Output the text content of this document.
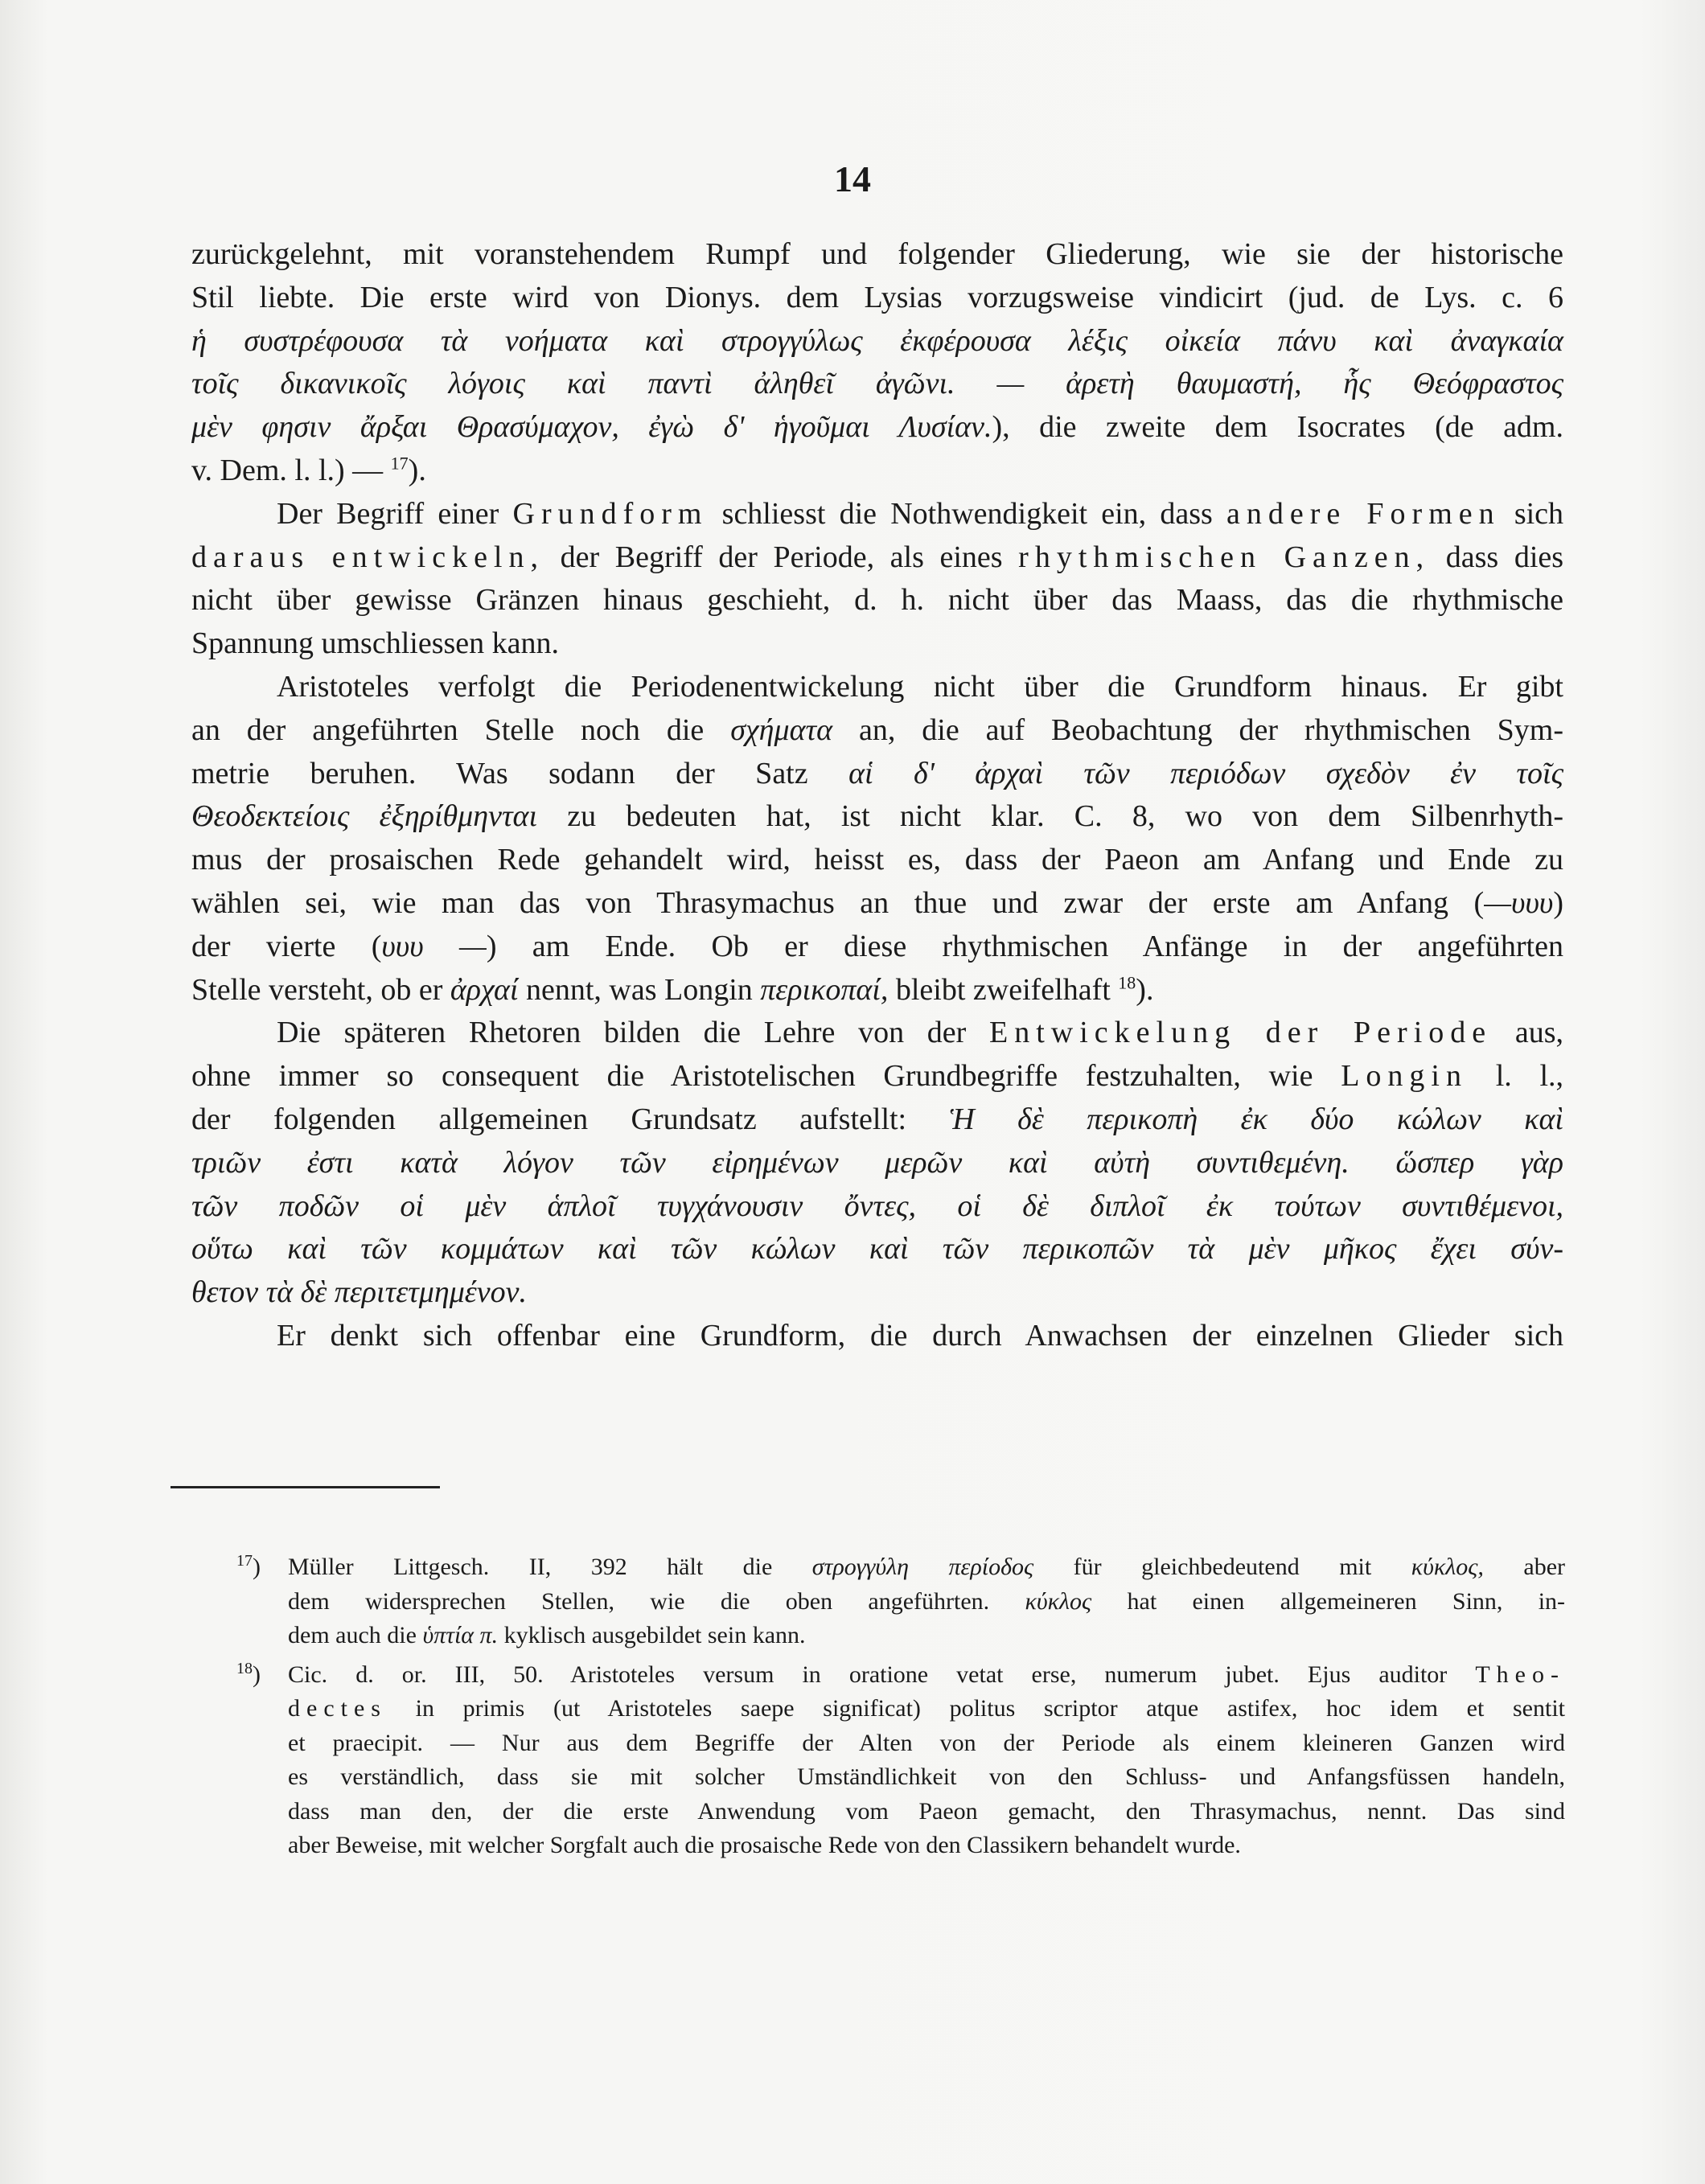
14
zurückgelehnt, mit voranstehendem Rumpf und folgender Gliederung, wie sie der historische
Stil liebte. Die erste wird von Dionys. dem Lysias vorzugsweise vindicirt (jud. de Lys. c. 6
ἡ συστρέφουσα τὰ νοήματα καὶ στρογγύλως ἐκφέρουσα λέξις οἰκεία πάνυ καὶ ἀναγκαία
τοῖς δικανικοῖς λόγοις καὶ παντὶ ἀληθεῖ ἀγῶνι. — ἀρετὴ θαυμαστή, ἧς Θεόφραστος
μὲν φησιν ἄρξαι Θρασύμαχον, ἐγὼ δ' ἡγοῦμαι Λυσίαν.), die zweite dem Isocrates (de adm.
v. Dem. l. l.) — $^{17}$).
Der Begriff einer Grundform schliesst die Nothwendigkeit ein, dass andere Formen sich
daraus entwickeln, der Begriff der Periode, als eines rhythmischen Ganzen, dass dies
nicht über gewisse Gränzen hinaus geschieht, d. h. nicht über das Maass, das die rhythmische
Spannung umschliessen kann.
Aristoteles verfolgt die Periodenentwickelung nicht über die Grundform hinaus. Er gibt
an der angeführten Stelle noch die σχήματα an, die auf Beobachtung der rhythmischen Sym-
metrie beruhen. Was sodann der Satz αἱ δ' ἀρχαὶ τῶν περιόδων σχεδὸν ἐν τοῖς
Θεοδεκτείοις ἐξηρίθμηνται zu bedeuten hat, ist nicht klar. C. 8, wo von dem Silbenrhyth-
mus der prosaischen Rede gehandelt wird, heisst es, dass der Paeon am Anfang und Ende zu
wählen sei, wie man das von Thrasymachus an thue und zwar der erste am Anfang (—υυυ)
der vierte (υυυ —) am Ende. Ob er diese rhythmischen Anfänge in der angeführten
Stelle versteht, ob er ἀρχαί nennt, was Longin περικοπαί, bleibt zweifelhaft $^{18}$).
Die späteren Rhetoren bilden die Lehre von der Entwickelung der Periode aus,
ohne immer so consequent die Aristotelischen Grundbegriffe festzuhalten, wie Longin l. l.,
der folgenden allgemeinen Grundsatz aufstellt: Ἡ δὲ περικοπὴ ἐκ δύο κώλων καὶ
τριῶν ἐστι κατὰ λόγον τῶν εἰρημένων μερῶν καὶ αὐτὴ συντιθεμένη. ὥσπερ γὰρ
τῶν ποδῶν οἱ μὲν ἁπλοῖ τυγχάνουσιν ὄντες, οἱ δὲ διπλοῖ ἐκ τούτων συντιθέμενοι,
οὕτω καὶ τῶν κομμάτων καὶ τῶν κώλων καὶ τῶν περικοπῶν τὰ μὲν μῆκος ἔχει σύν-
θετον τὰ δὲ περιτετμημένον.
Er denkt sich offenbar eine Grundform, die durch Anwachsen der einzelnen Glieder sich
$^{17}$) Müller Littgesch. II, 392 hält die στρογγύλη περίοδος für gleichbedeutend mit κύκλος, aber
dem widersprechen Stellen, wie die oben angeführten. κύκλος hat einen allgemeineren Sinn, in-
dem auch die ὑπτία π. kyklisch ausgebildet sein kann.
$^{18}$) Cic. d. or. III, 50. Aristoteles versum in oratione vetat erse, numerum jubet. Ejus auditor Theo-
dectes in primis (ut Aristoteles saepe significat) politus scriptor atque astifex, hoc idem et sentit
et praecipit. — Nur aus dem Begriffe der Alten von der Periode als einem kleineren Ganzen wird
es verständlich, dass sie mit solcher Umständlichkeit von den Schluss- und Anfangsfüssen handeln,
dass man den, der die erste Anwendung vom Paeon gemacht, den Thrasymachus, nennt. Das sind
aber Beweise, mit welcher Sorgfalt auch die prosaische Rede von den Classikern behandelt wurde.
